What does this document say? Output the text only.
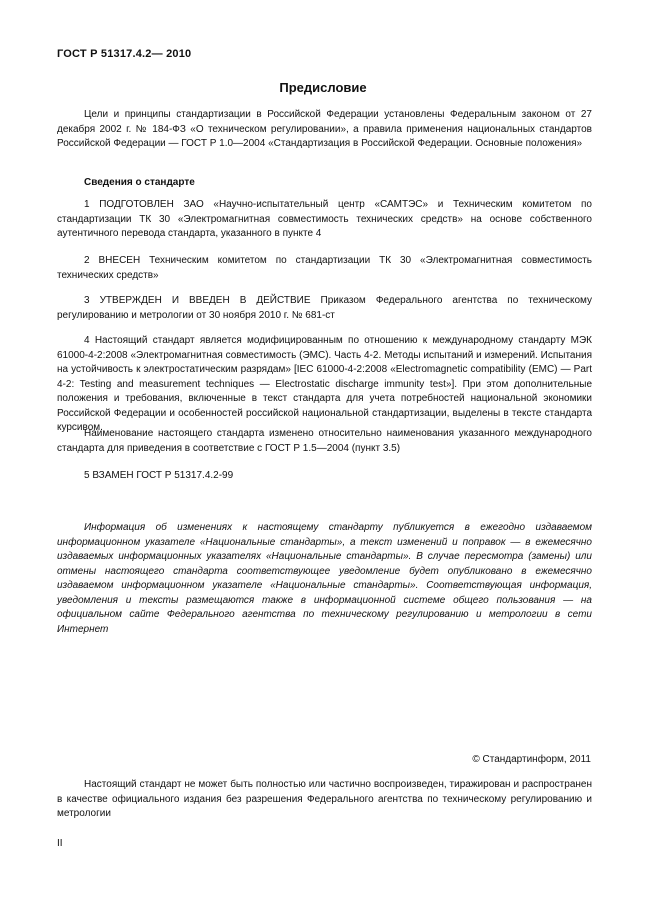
ГОСТ Р 51317.4.2— 2010
Предисловие

Цели и принципы стандартизации в Российской Федерации установлены Федеральным законом от 27 декабря 2002 г. № 184-ФЗ «О техническом регулировании», а правила применения национальных стандартов Российской Федерации — ГОСТ Р 1.0—2004 «Стандартизация в Российской Федерации. Основные положения»

Сведения о стандарте

1 ПОДГОТОВЛЕН ЗАО «Научно-испытательный центр «САМТЭС» и Техническим комитетом по стандартизации ТК 30 «Электромагнитная совместимость технических средств» на основе собственного аутентичного перевода стандарта, указанного в пункте 4

2 ВНЕСЕН Техническим комитетом по стандартизации ТК 30 «Электромагнитная совместимость технических средств»

3 УТВЕРЖДЕН И ВВЕДЕН В ДЕЙСТВИЕ Приказом Федерального агентства по техническому регулированию и метрологии от 30 ноября 2010 г. № 681-ст

4 Настоящий стандарт является модифицированным по отношению к международному стандарту МЭК 61000-4-2:2008 «Электромагнитная совместимость (ЭМС). Часть 4-2. Методы испытаний и измерений. Испытания на устойчивость к электростатическим разрядам» [IEC 61000-4-2:2008 «Electromagnetic compatibility (EMC) — Part 4-2: Testing and measurement techniques — Electrostatic discharge immunity test»]. При этом дополнительные положения и требования, включенные в текст стандарта для учета потребностей национальной экономики Российской Федерации и особенностей российской национальной стандартизации, выделены в тексте стандарта курсивом.

Наименование настоящего стандарта изменено относительно наименования указанного международного стандарта для приведения в соответствие с ГОСТ Р 1.5—2004 (пункт 3.5)

5 ВЗАМЕН ГОСТ Р 51317.4.2-99

Информация об изменениях к настоящему стандарту публикуется в ежегодно издаваемом информационном указателе «Национальные стандарты», а текст изменений и поправок — в ежемесячно издаваемых информационных указателях «Национальные стандарты». В случае пересмотра (замены) или отмены настоящего стандарта соответствующее уведомление будет опубликовано в ежемесячно издаваемом информационном указателе «Национальные стандарты». Соответствующая информация, уведомления и тексты размещаются также в информационной системе общего пользования — на официальном сайте Федерального агентства по техническому регулированию и метрологии в сети Интернет

© Стандартинформ, 2011

Настоящий стандарт не может быть полностью или частично воспроизведен, тиражирован и распространен в качестве официального издания без разрешения Федерального агентства по техническому регулированию и метрологии

II
